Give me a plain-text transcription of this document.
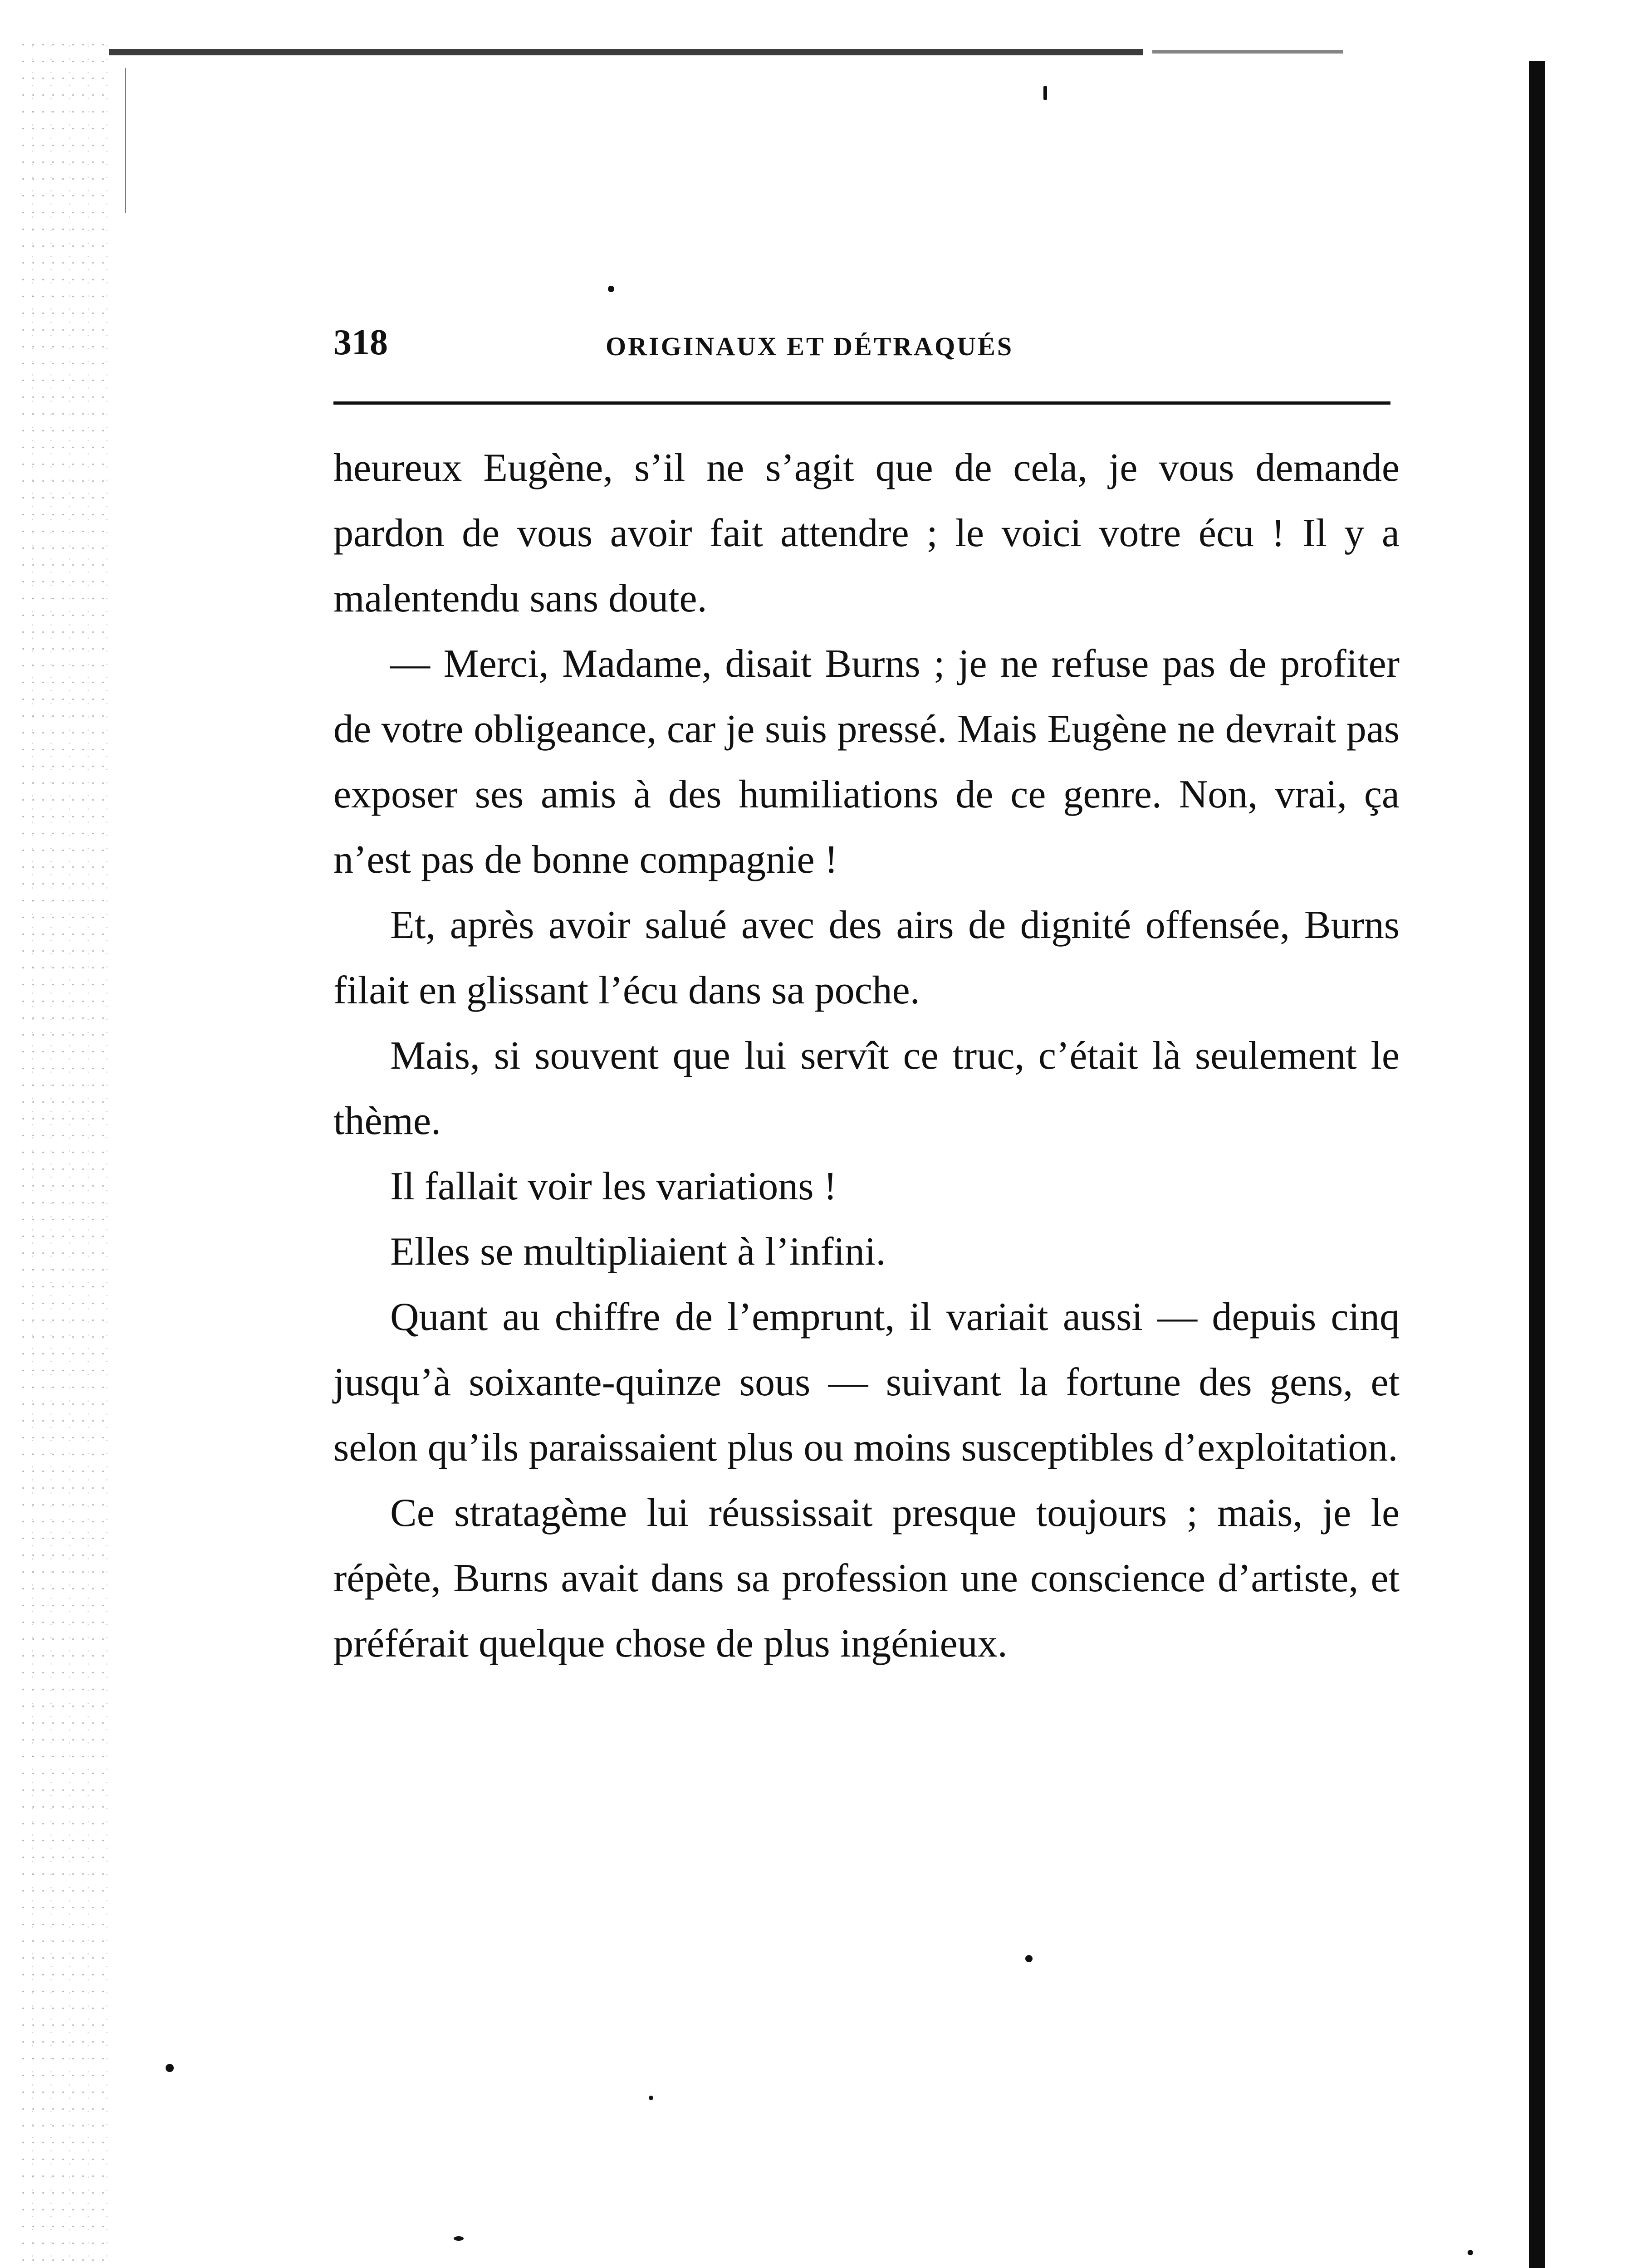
318	ORIGINAUX ET DÉTRAQUÉS

heureux Eugène, s’il ne s’agit que de cela, je vous demande pardon de vous avoir fait attendre ; le voici votre écu ! Il y a malentendu sans doute.

— Merci, Madame, disait Burns ; je ne refuse pas de profiter de votre obligeance, car je suis pressé. Mais Eugène ne devrait pas exposer ses amis à des humiliations de ce genre. Non, vrai, ça n’est pas de bonne compagnie !

Et, après avoir salué avec des airs de dignité offensée, Burns filait en glissant l’écu dans sa poche.

Mais, si souvent que lui servît ce truc, c’était là seulement le thème.

Il fallait voir les variations !

Elles se multipliaient à l’infini.

Quant au chiffre de l’emprunt, il variait aussi — depuis cinq jusqu’à soixante-quinze sous — suivant la fortune des gens, et selon qu’ils paraissaient plus ou moins susceptibles d’exploitation.

Ce stratagème lui réussissait presque toujours ; mais, je le répète, Burns avait dans sa profession une conscience d’artiste, et préférait quelque chose de plus ingénieux.
